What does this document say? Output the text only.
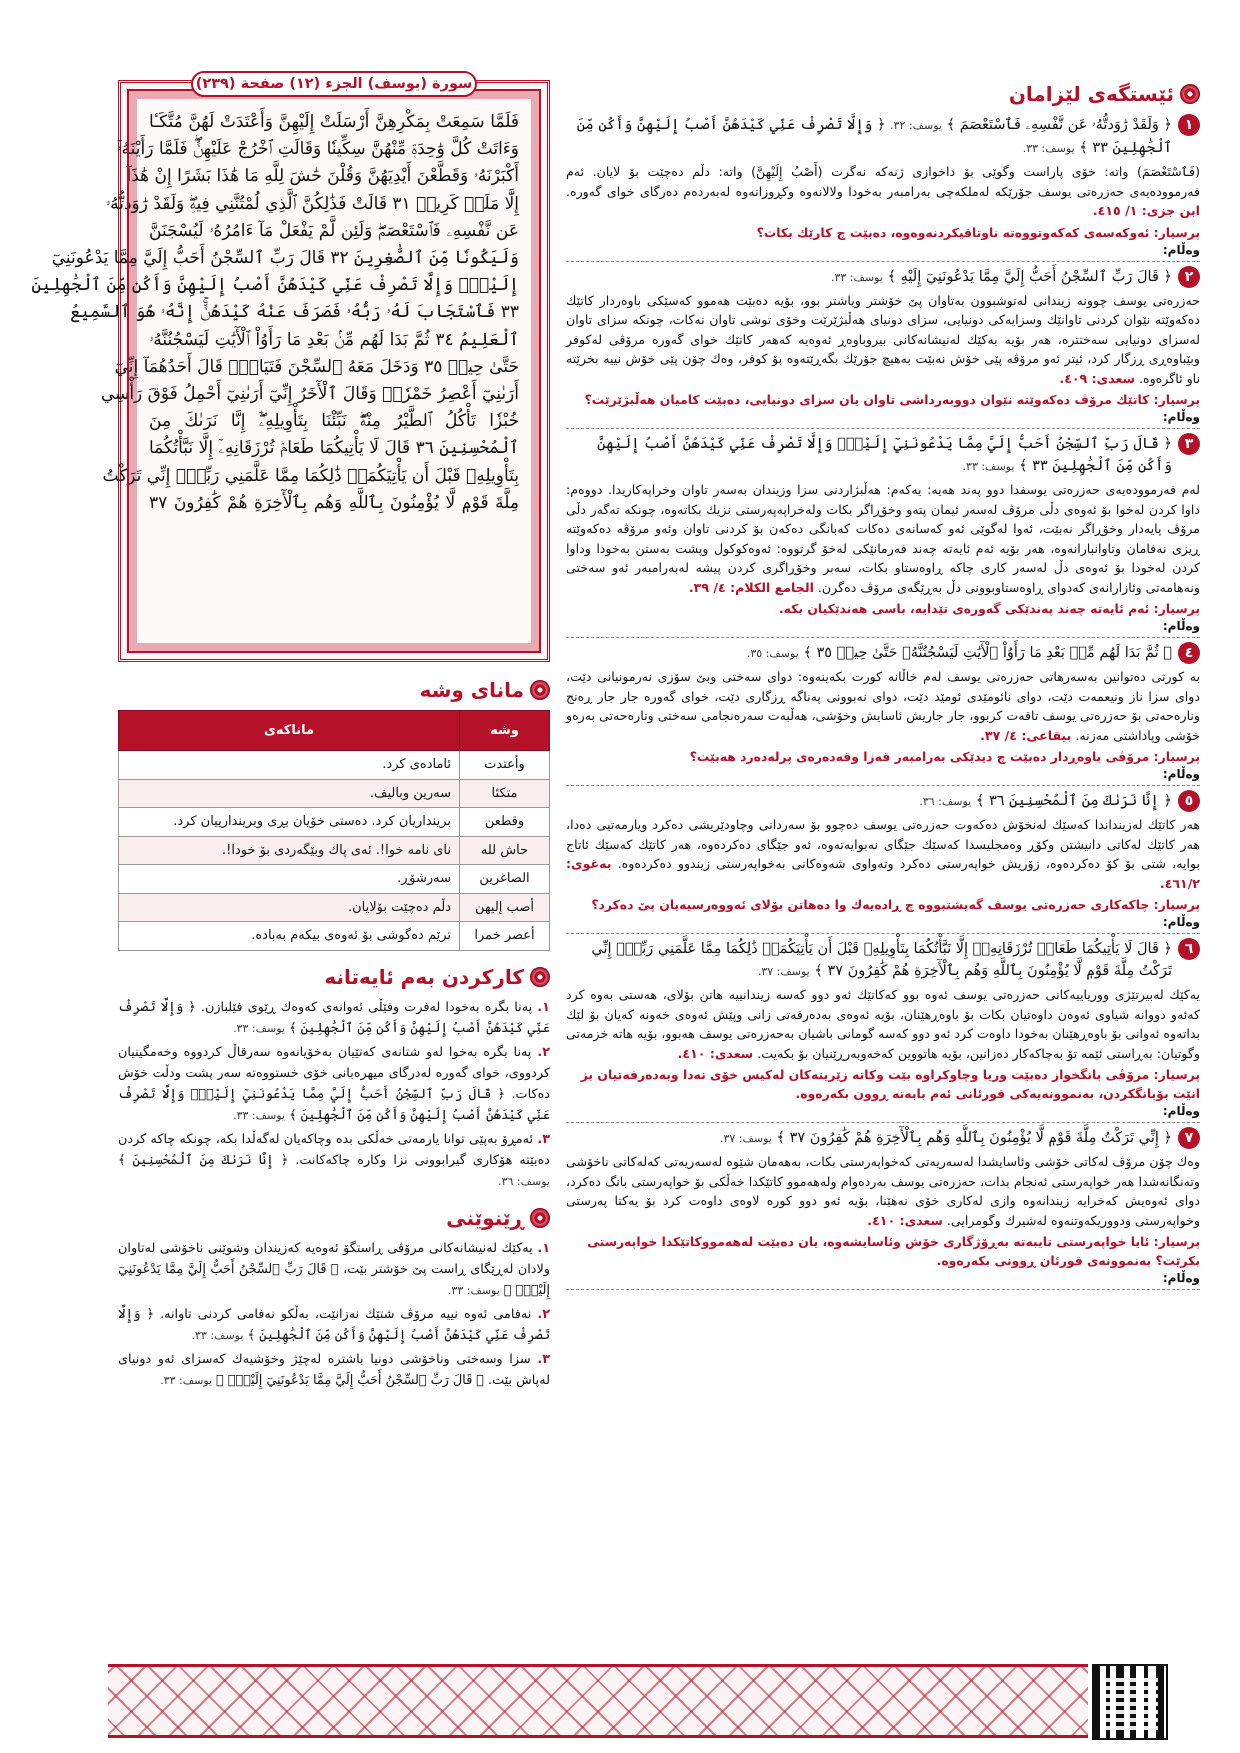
سورة (يوسف) الجزء (١٢) صفحة (٢٣٩)
فَلَمَّا سَمِعَتْ بِمَكْرِهِنَّ أَرْسَلَتْ إِلَيْهِنَّ وَأَعْتَدَتْ لَهُنَّ مُتَّكَـٔا
وَءَاتَتْ كُلَّ وَٰحِدَةٖ مِّنْهُنَّ سِكِّينٗا وَقَالَتِ ٱخْرُجْ عَلَيْهِنَّۖ فَلَمَّا رَأَيْنَهُۥٓ
أَكْبَرْنَهُۥ وَقَطَّعْنَ أَيْدِيَهُنَّ وَقُلْنَ حَٰشَ لِلَّهِ مَا هَٰذَا بَشَرًا إِنْ هَٰذَآ
إِلَّا مَلَكٞ كَرِيمٞ ٣١ قَالَتْ فَذَٰلِكُنَّ ٱلَّذِي لُمْتُنَّنِي فِيهِۖ وَلَقَدْ رَٰوَدتُّهُۥ
عَن نَّفْسِهِۦ فَٱسْتَعْصَمَۖ وَلَئِن لَّمْ يَفْعَلْ مَآ ءَامُرُهُۥ لَيُسْجَنَنَّ
وَلَيَكُونٗا مِّنَ ٱلصَّٰغِرِينَ ٣٢ قَالَ رَبِّ ٱلسِّجْنُ أَحَبُّ إِلَيَّ مِمَّا يَدْعُونَنِيٓ
إِلَيْهِۖ وَإِلَّا تَصْرِفْ عَنِّي كَيْدَهُنَّ أَصْبُ إِلَيْهِنَّ وَأَكُن مِّنَ ٱلْجَٰهِلِينَ
٣٣ فَٱسْتَجَابَ لَهُۥ رَبُّهُۥ فَصَرَفَ عَنْهُ كَيْدَهُنَّۚ إِنَّهُۥ هُوَ ٱلسَّمِيعُ
ٱلْعَلِيمُ ٣٤ ثُمَّ بَدَا لَهُم مِّنۢ بَعْدِ مَا رَأَوُاْ ٱلْأٓيَٰتِ لَيَسْجُنُنَّهُۥ
حَتَّىٰ حِينٖ ٣٥ وَدَخَلَ مَعَهُ ٱلسِّجْنَ فَتَيَانِۖ قَالَ أَحَدُهُمَآ إِنِّيٓ
أَرَىٰنِيٓ أَعْصِرُ خَمْرٗاۖ وَقَالَ ٱلْأٓخَرُ إِنِّيٓ أَرَىٰنِيٓ أَحْمِلُ فَوْقَ رَأْسِي
خُبْزٗا تَأْكُلُ ٱلطَّيْرُ مِنْهُۖ نَبِّئْنَا بِتَأْوِيلِهِۦٓۖ إِنَّا نَرَىٰكَ مِنَ
ٱلْمُحْسِنِينَ ٣٦ قَالَ لَا يَأْتِيكُمَا طَعَامٞ تُرْزَقَانِهِۦٓ إِلَّا نَبَّأْتُكُمَا
بِتَأْوِيلِهِۦ قَبْلَ أَن يَأْتِيَكُمَاۚ ذَٰلِكُمَا مِمَّا عَلَّمَنِي رَبِّيٓۚ إِنِّي تَرَكْتُ
مِلَّةَ قَوْمٖ لَّا يُؤْمِنُونَ بِٱللَّهِ وَهُم بِٱلْأٓخِرَةِ هُمْ كَٰفِرُونَ ٣٧
مانای وشە
وشە	ماناکەی
وأعتدت	ئامادەی کرد.
متكئا	سەرین وبالیف.
وقطعن	برینداریان کرد. دەستی خۆیان بڕی وبریندارییان کرد.
حاش لله	نای نامە خوا!. ئەی پاك وبێگەردی بۆ خودا!.
الصاغرين	سەرشۆڕ.
أصب إليهن	دڵم دەچێت بۆلایان.
أعصر خمرا	ترێم دەگوشی بۆ ئەوەی بیکەم بەبادە.
کارکردن بەم ئایەتانە
١. پەنا بگرە بەخودا لەفرت وفێڵی ئەوانەی کەوەك ڕێوی فێلبازن. ﴿ وَإِلَّا تَصْرِفْ عَنِّي كَيْدَهُنَّ أَصْبُ إِلَيْهِنَّ وَأَكُن مِّنَ ٱلْجَٰهِلِينَ ﴾ یوسف: ٣٣.
٢. پەنا بگرە بەخوا لەو شتانەی کەتێیان بەخۆیانەوە سەرقاڵ کردووە وخەمگینیان کردووی، خوای گەورە لەدرگای میهرەبانی خۆی خستووەتە سەر پشت ودڵت خۆش دەكات. ﴿ قَالَ رَبِّ ٱلسِّجْنُ أَحَبُّ إِلَيَّ مِمَّا يَدْعُونَنِيٓ إِلَيْهِۖ وَإِلَّا تَصْرِفْ عَنِّي كَيْدَهُنَّ أَصْبُ إِلَيْهِنَّ وَأَكُن مِّنَ ٱلْجَٰهِلِينَ ﴾ یوسف: ٣٣.
٣. ئەمڕۆ بەپێی توانا یارمەتی خەڵکی بدە وچاکەیان لەگەڵدا بکە، چونکە چاکە کردن دەبێتە هۆکاری گیرابوونی نزا وکارە چاکەکانت. ﴿ إِنَّا نَرَىٰكَ مِنَ ٱلْمُحْسِنِينَ ﴾ یوسف: ٣٦.
ڕێنوێنی
١. یەکێك لەنیشانەکانی مرۆڤی ڕاستگۆ ئەوەیە کەزیندان وشوێنی ناخۆشی لەتاوان ولادان لەڕێگای ڕاست پێ خۆشتر بێت، ﴿ قَالَ رَبِّ ٱلسِّجْنُ أَحَبُّ إِلَيَّ مِمَّا يَدْعُونَنِيٓ إِلَيْهِۖ ﴾ یوسف: ٣٣.
٢. نەفامی ئەوە نییە مرۆڤ شتێك نەزانێت، بەڵکو نەفامی کردنی تاوانە. ﴿ وَإِلَّا تَصْرِفْ عَنِّي كَيْدَهُنَّ أَصْبُ إِلَيْهِنَّ وَأَكُن مِّنَ ٱلْجَٰهِلِينَ ﴾ یوسف: ٣٣.
٣. سزا وسەختی وناخۆشی دونیا باشترە لەچێژ وخۆشیەك کەسزای ئەو دونیای لەپاش بێت. ﴿ قَالَ رَبِّ ٱلسِّجْنُ أَحَبُّ إِلَيَّ مِمَّا يَدْعُونَنِيٓ إِلَيْهِۖ ﴾ یوسف: ٣٣.
ئێستگەی لێزامان
١
﴿ وَلَقَدْ رَٰوَدتُّهُۥ عَن نَّفْسِهِۦ فَٱسْتَعْصَمَ ﴾ یوسف: ٣٢. ﴿ وَإِلَّا تَصْرِفْ عَنِّي كَيْدَهُنَّ أَصْبُ إِلَيْهِنَّ وَأَكُن مِّنَ ٱلْجَٰهِلِينَ ٣٣ ﴾ یوسف: ٣٣.
(فَٱسْتَعْصَمَ) واتە: خۆی پاراست وگوێی بۆ داخوازی ژنەکە نەگرت (أَصْبُ إِلَيْهِنَّ) واتە: دڵم دەچێت بۆ لایان. ئەم فەرموودەیەی حەزرەتی یوسف جۆرێکە لەملکەچی بەرامبەر بەخودا ولالانەوە وکڕوزانەوە لەبەردەم دەرگای خوای گەورە. ابن جزی: ١/ ٤١٥.
پرسیار: ئەوکەسەی کەکەوتووەتە ناوتاقیکردنەوەوە، دەبێت چ کارێك بکات؟
وەڵام:
٢
﴿ قَالَ رَبِّ ٱلسِّجْنُ أَحَبُّ إِلَيَّ مِمَّا يَدْعُونَنِيٓ إِلَيْهِ ﴾ یوسف: ٣٣.
حەزرەتی یوسف چوونە زیندانی لەتوشبوون بەتاوان پێ خۆشتر وباشتر بوو، بۆیە دەبێت هەموو کەسێکی باوەردار کاتێك دەکەوێتە نێوان کردنی تاوانێك وسزایەکی دونیایی، سزای دونیای هەڵبژێرێت وخۆی توشی تاوان نەکات، چونکە سزای تاوان لەسزای دونیایی سەختترە، هەر بۆیە بەکێك لەنیشانەکانی بیروباوەڕ ئەوەیە کەهەر کاتێك خوای گەورە مرۆڤی لەکوفر وبێباوەڕی ڕزگار کرد، ئیتر ئەو مرۆڤە پێی خۆش نەبێت بەهیچ جۆرێك بگەڕێتەوە بۆ کوفر، وەك چۆن پێی خۆش نییە بخرێتە ناو ئاگرەوە. سعدی: ٤٠٩.
پرسیار: کاتێك مرۆڤ دەکەوێتە نێوان دووبەرداشی تاوان یان سزای دونیایی، دەبێت کامیان هەڵبژێرێت؟
وەڵام:
٣
﴿ قَالَ رَبِّ ٱلسِّجْنُ أَحَبُّ إِلَيَّ مِمَّا يَدْعُونَنِيٓ إِلَيْهِۖ وَإِلَّا تَصْرِفْ عَنِّي كَيْدَهُنَّ أَصْبُ إِلَيْهِنَّ وَأَكُن مِّنَ ٱلْجَٰهِلِينَ ٣٣ ﴾ یوسف: ٣٣.
لەم فەرموودەیەی حەزرەتی یوسفدا دوو پەند هەیە: یەکەم: هەڵبژاردنی سزا وزیندان بەسەر تاوان وخراپەکاریدا. دووەم: داوا کردن لەخوا بۆ ئەوەی دڵی مرۆڤ لەسەر ئیمان پتەو وخۆڕاگر بکات ولەخراپەپەرستی نزیك بکاتەوە، چونکە تەگەر دڵی مرۆڤ پایەدار وخۆڕاگر نەبێت، ئەوا لەگوێی ئەو کەسانەی دەکات کەبانگی دەکەن بۆ کردنی تاوان وئەو مرۆڤە دەکەوێتە ڕیزی نەفامان وتاوانبارانەوە، هەر بۆیە ئەم ئایەتە چەند فەرمانێکی لەخۆ گرتووە: ئەوەکوکول وپشت بەستن بەخودا وداوا کردن لەخودا بۆ ئەوەی دڵ لەسەر کاری چاکە ڕاوەستاو بکات، سەبر وخۆڕاگری کردن پیشە لەبەرامبەر ئەو سەختی ونەهامەتی وئازارانەی کەدوای ڕاوەستاوبوونی دڵ بەڕێگەی مرۆڤ دەگرن. الجامع الكلام: ٤/ ٣٩.
پرسیار: ئەم ئایەتە چەند پەندێکی گەورەی تێدایە، باسی هەندێکیان بکە.
وەڵام:
٤
﴿ ثُمَّ بَدَا لَهُم مِّنۢ بَعْدِ مَا رَأَوُاْ ٱلْأٓيَٰتِ لَيَسْجُنُنَّهُۥ حَتَّىٰ حِينٖ ٣٥ ﴾ یوسف: ٣٥.
بە کورتی دەتوانین بەسەرهاتی حەزرەتی یوسف لەم خاڵانە کورت بکەینەوە: دوای سەختی وبێ سۆزی نەرمونیانی دێت، دوای سزا ناز ونیعمەت دێت، دوای نائومێدی ئومێد دێت، دوای نەبوونی پەناگە ڕزگاری دێت، خوای گەورە جار جار ڕەنج ونارەحەتی بۆ حەزرەتی یوسف تاقەت کربوو، جار جاریش ئاسایش وخۆشی، هەڵبەت سەرەنجامی سەختی ونارەحەتی بەرەو خۆشی وپاداشتی مەزنە. بیقاعی: ٤/ ٣٧.
پرسیار: مرۆڤی باوەڕدار دەبێت چ دیدێکی بەرامبەر قەزا وقەدەرەی پرلەدەرد هەبێت؟
وەڵام:
٥
﴿ إِنَّا نَرَىٰكَ مِنَ ٱلْمُحْسِنِينَ ٣٦ ﴾ یوسف: ٣٦.
هەر کاتێك لەزینداندا کەسێك لەنخۆش دەکەوت حەزرەتی یوسف دەچوو بۆ سەردانی وچاودێریشی دەکرد ویارمەتیی دەدا، هەر کاتێك لەکاتی دانیشتن وکۆڕ وەمجلیسدا کەسێك جێگای نەبوایەتەوە، ئەو جێگای دەکردەوە، هەر کاتێك کەسێك ئاتاج بوایە، شتی بۆ کۆ دەکردەوە، زۆریش خواپەرستی دەکرد وتەواوی شەوەکانی بەخواپەرستی زیندوو دەکردەوە. بەغوی: ٤٦١/٢.
پرسیار: چاکەکاری حەزرەتی یوسف گەیشتبووە چ ڕادەیەك وا دەهاتن بۆلای ئەووەرسیەیان پێ دەکرد؟
وەڵام:
٦
﴿ قَالَ لَا يَأْتِيكُمَا طَعَامٞ تُرْزَقَانِهِۦٓ إِلَّا نَبَّأْتُكُمَا بِتَأْوِيلِهِۦ قَبْلَ أَن يَأْتِيَكُمَاۚ ذَٰلِكُمَا مِمَّا عَلَّمَنِي رَبِّيٓۚ إِنِّي تَرَكْتُ مِلَّةَ قَوْمٖ لَّا يُؤْمِنُونَ بِٱللَّهِ وَهُم بِٱلْأٓخِرَةِ هُمْ كَٰفِرُونَ ٣٧ ﴾ یوسف: ٣٧.
یەکێك لەبیرتێژی ووریاییەکانی حەزرەتی یوسف ئەوە بوو کەکاتێك ئەو دوو کەسە زیندانییە هاتن بۆلای، هەستی بەوە کرد کەئەو دووانە شیاوی ئەوەن داوەتیان بکات بۆ باوەڕهێنان، بۆیە ئەوەی بەدەرفەتی زانی وپێش ئەوەی خەونە کەیان بۆ لێك بداتەوە ئەوانی بۆ باوەڕهێنان بەخودا داوەت کرد ئەو دوو کەسە گومانی باشیان بەحەزرەتی یوسف هەبوو، بۆیە هاتە خزمەتی وگوتیان: بەڕاستی ئێمە تۆ بەچاکەکار دەزانین، بۆیە هاتووین کەخەوبەرڕێنیان بۆ بکەیت. سعدی: ٤١٠.
پرسیار: مرۆڤی بانگخواز دەبێت وریا وچاوکراوە بێت وکاتە زێرینەکان لەکیس خۆی نەدا وبەدەرفەتیان بز انێت بۆبانگکردن، بەنموونەیەکی قورئانی ئەم بابەتە ڕوون بکەرەوە.
وەڵام:
٧
﴿ إِنِّي تَرَكْتُ مِلَّةَ قَوْمٖ لَّا يُؤْمِنُونَ بِٱللَّهِ وَهُم بِٱلْأٓخِرَةِ هُمْ كَٰفِرُونَ ٣٧ ﴾ یوسف: ٣٧.
وەك چۆن مرۆڤ لەکاتی خۆشی وئاسایشدا لەسەریەتی کەخواپەرستی بکات، بەهەمان شێوە لەسەریەتی کەلەکاتی ناخۆشی وتەنگانەشدا هەر خواپەرستی ئەنجام بدات، حەزرەتی یوسف بەردەوام ولەهەموو کاتێکدا خەڵکی بۆ خواپەرستی بانگ دەکرد، دوای ئەوەیش کەخرایە زیندانەوە وازی لەکاری خۆی نەهێنا، بۆیە ئەو دوو کورە لاوەی داوەت کرد بۆ یەکتا پەرستی وخواپەرستی ودووریکەوتنەوە لەشیرك وگومرایی. سعدی: ٤١٠.
پرسیار: ئایا خواپەرستی تایبەتە بەڕۆژگاری خۆش وئاسایشەوە، یان دەبێت لەهەمووکاتێکدا خواپەرستی بکرێت؟ بەنموونەی قورئان ڕوونی بکەرەوە.
وەڵام:
